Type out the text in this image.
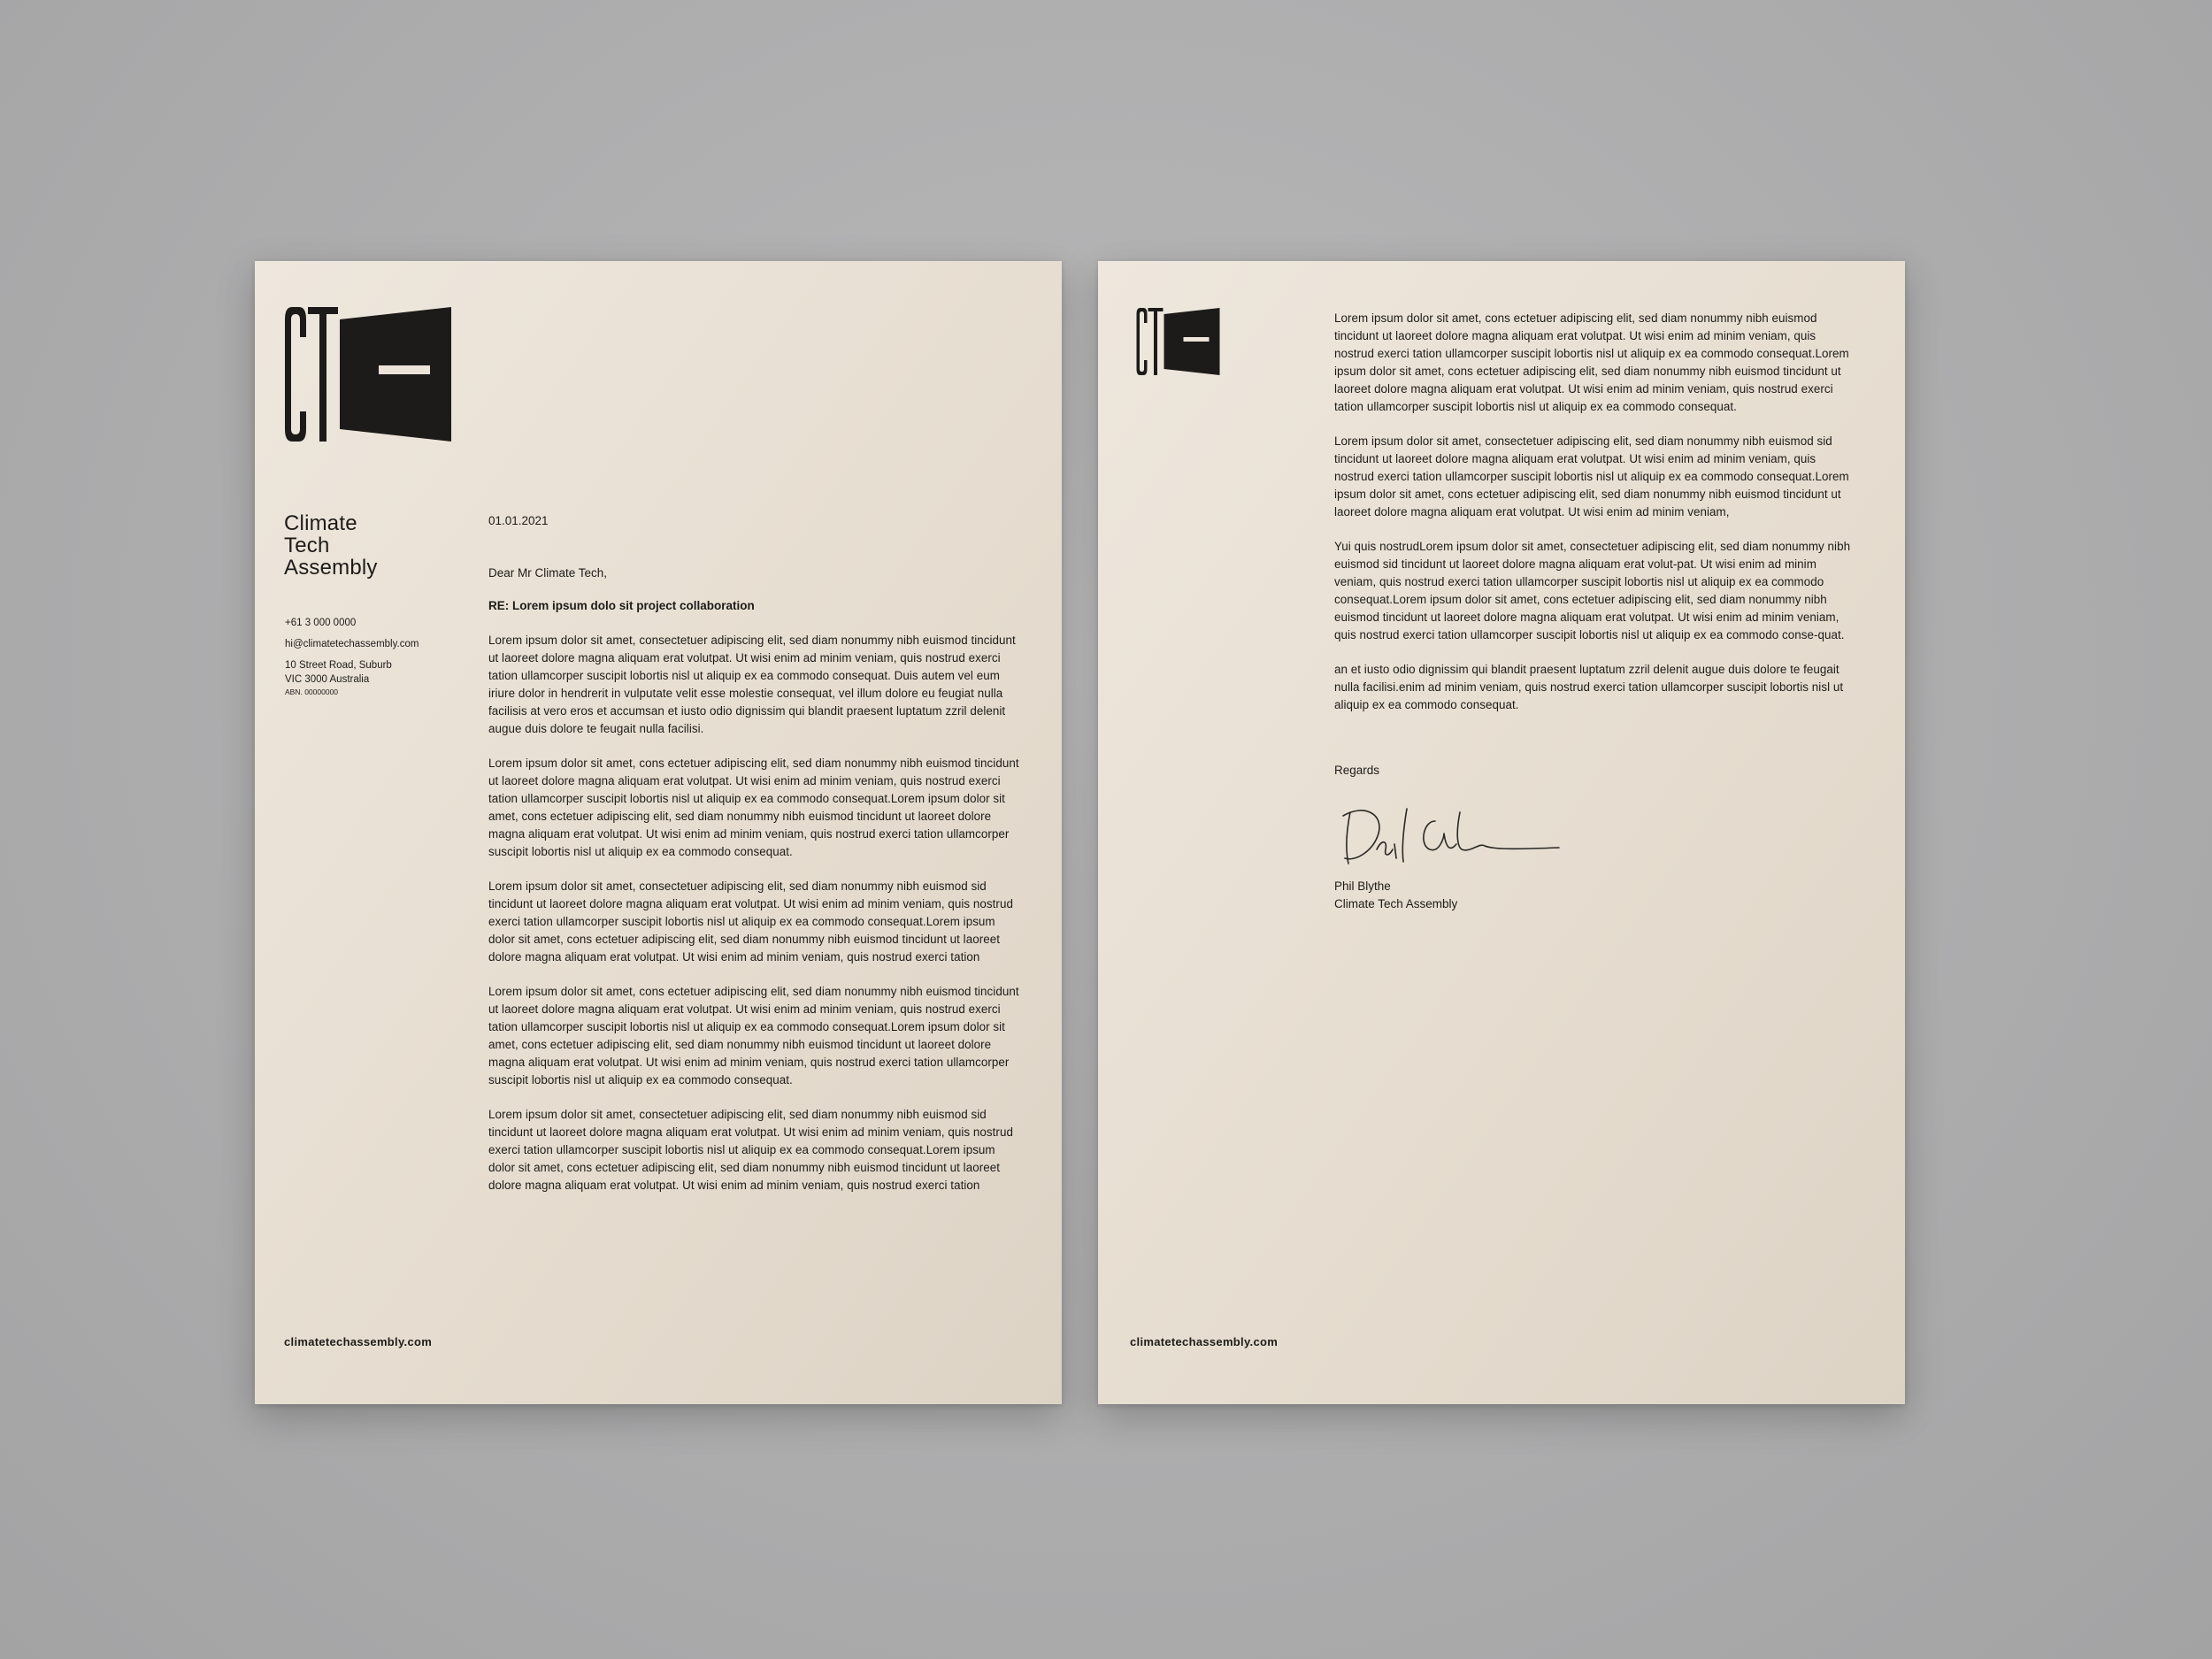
Climate
Tech
Assembly
+61 3 000 0000
hi@climatetechassembly.com
10 Street Road, Suburb
VIC 3000 Australia
ABN. 00000000
01.01.2021
Dear Mr Climate Tech,
RE: Lorem ipsum dolo sit project collaboration

Lorem ipsum dolor sit amet, consectetuer adipiscing elit, sed diam nonummy nibh euismod tincidunt ut laoreet dolore magna aliquam erat volutpat. Ut wisi enim ad minim veniam, quis nostrud exerci tation ullamcorper suscipit lobortis nisl ut aliquip ex ea commodo consequat. Duis autem vel eum iriure dolor in hendrerit in vulputate velit esse molestie consequat, vel illum dolore eu feugiat nulla facilisis at vero eros et accumsan et iusto odio dignissim qui blandit praesent luptatum zzril delenit augue duis dolore te feugait nulla facilisi.

Lorem ipsum dolor sit amet, cons ectetuer adipiscing elit, sed diam nonummy nibh euismod tincidunt ut laoreet dolore magna aliquam erat volutpat. Ut wisi enim ad minim veniam, quis nostrud exerci tation ullamcorper suscipit lobortis nisl ut aliquip ex ea commodo consequat.Lorem ipsum dolor sit amet, cons ectetuer adipiscing elit, sed diam nonummy nibh euismod tincidunt ut laoreet dolore magna aliquam erat volutpat. Ut wisi enim ad minim veniam, quis nostrud exerci tation ullamcorper suscipit lobortis nisl ut aliquip ex ea commodo consequat.

Lorem ipsum dolor sit amet, consectetuer adipiscing elit, sed diam nonummy nibh euismod sid tincidunt ut laoreet dolore magna aliquam erat volutpat. Ut wisi enim ad minim veniam, quis nostrud exerci tation ullamcorper suscipit lobortis nisl ut aliquip ex ea commodo consequat.Lorem ipsum dolor sit amet, cons ectetuer adipiscing elit, sed diam nonummy nibh euismod tincidunt ut laoreet dolore magna aliquam erat volutpat. Ut wisi enim ad minim veniam, quis nostrud exerci tation

Lorem ipsum dolor sit amet, cons ectetuer adipiscing elit, sed diam nonummy nibh euismod tincidunt ut laoreet dolore magna aliquam erat volutpat. Ut wisi enim ad minim veniam, quis nostrud exerci tation ullamcorper suscipit lobortis nisl ut aliquip ex ea commodo consequat.Lorem ipsum dolor sit amet, cons ectetuer adipiscing elit, sed diam nonummy nibh euismod tincidunt ut laoreet dolore magna aliquam erat volutpat. Ut wisi enim ad minim veniam, quis nostrud exerci tation ullamcorper suscipit lobortis nisl ut aliquip ex ea commodo consequat.

Lorem ipsum dolor sit amet, consectetuer adipiscing elit, sed diam nonummy nibh euismod sid tincidunt ut laoreet dolore magna aliquam erat volutpat. Ut wisi enim ad minim veniam, quis nostrud exerci tation ullamcorper suscipit lobortis nisl ut aliquip ex ea commodo consequat.Lorem ipsum dolor sit amet, cons ectetuer adipiscing elit, sed diam nonummy nibh euismod tincidunt ut laoreet dolore magna aliquam erat volutpat. Ut wisi enim ad minim veniam, quis nostrud exerci tation

climatetechassembly.com

Lorem ipsum dolor sit amet, cons ectetuer adipiscing elit, sed diam nonummy nibh euismod tincidunt ut laoreet dolore magna aliquam erat volutpat. Ut wisi enim ad minim veniam, quis nostrud exerci tation ullamcorper suscipit lobortis nisl ut aliquip ex ea commodo consequat.Lorem ipsum dolor sit amet, cons ectetuer adipiscing elit, sed diam nonummy nibh euismod tincidunt ut laoreet dolore magna aliquam erat volutpat. Ut wisi enim ad minim veniam, quis nostrud exerci tation ullamcorper suscipit lobortis nisl ut aliquip ex ea commodo consequat.

Lorem ipsum dolor sit amet, consectetuer adipiscing elit, sed diam nonummy nibh euismod sid tincidunt ut laoreet dolore magna aliquam erat volutpat. Ut wisi enim ad minim veniam, quis nostrud exerci tation ullamcorper suscipit lobortis nisl ut aliquip ex ea commodo consequat.Lorem ipsum dolor sit amet, cons ectetuer adipiscing elit, sed diam nonummy nibh euismod tincidunt ut laoreet dolore magna aliquam erat volutpat. Ut wisi enim ad minim veniam,

Yui quis nostrudLorem ipsum dolor sit amet, consectetuer adipiscing elit, sed diam nonummy nibh euismod sid tincidunt ut laoreet dolore magna aliquam erat volut-pat. Ut wisi enim ad minim veniam, quis nostrud exerci tation ullamcorper suscipit lobortis nisl ut aliquip ex ea commodo consequat.Lorem ipsum dolor sit amet, cons ectetuer adipiscing elit, sed diam nonummy nibh euismod tincidunt ut laoreet dolore magna aliquam erat volutpat. Ut wisi enim ad minim veniam, quis nostrud exerci tation ullamcorper suscipit lobortis nisl ut aliquip ex ea commodo conse-quat.

an et iusto odio dignissim qui blandit praesent luptatum zzril delenit augue duis dolore te feugait nulla facilisi.enim ad minim veniam, quis nostrud exerci tation ullamcorper suscipit lobortis nisl ut aliquip ex ea commodo consequat.

Regards
Phil Blythe
Climate Tech Assembly
climatetechassembly.com
